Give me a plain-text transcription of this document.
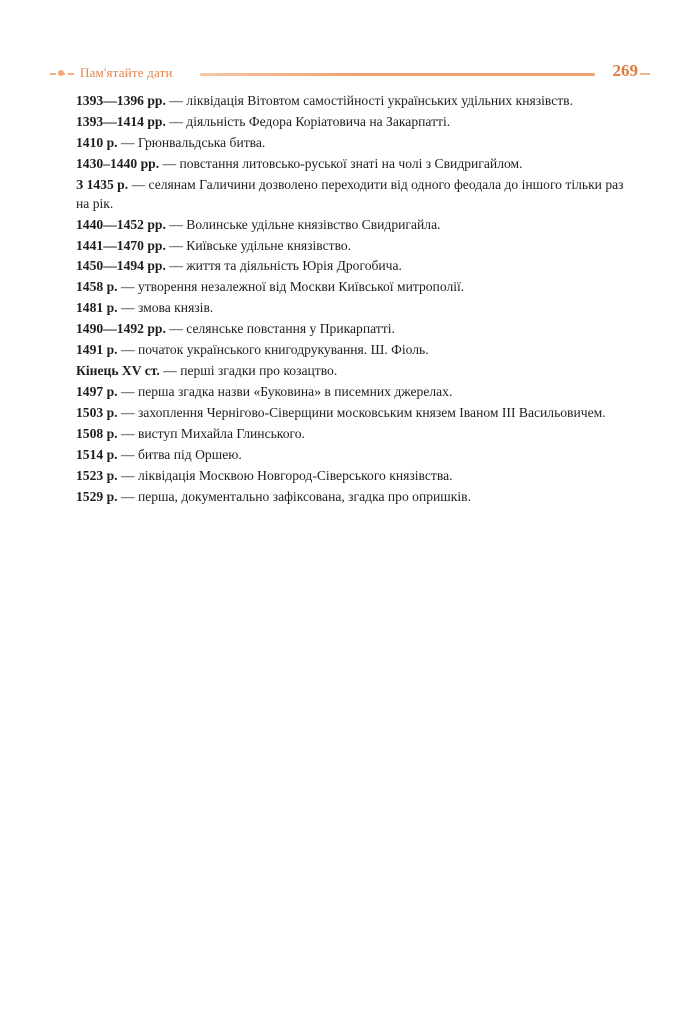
Пам'ятайте дати	269
1393—1396 рр. — ліквідація Вітовтом самостійності українських удільних князівств.
1393—1414 рр. — діяльність Федора Коріатовича на Закарпатті.
1410 р. — Грюнвальдська битва.
1430–1440 рр. — повстання литовсько-руської знаті на чолі з Свидригайлом.
З 1435 р. — селянам Галичини дозволено переходити від одного феодала до іншого тільки раз на рік.
1440—1452 рр. — Волинське удільне князівство Свидригайла.
1441—1470 рр. — Київське удільне князівство.
1450—1494 рр. — життя та діяльність Юрія Дрогобича.
1458 р. — утворення незалежної від Москви Київської митрополії.
1481 р. — змова князів.
1490—1492 рр. — селянське повстання у Прикарпатті.
1491 р. — початок українського книгодрукування. Ш. Фіоль.
Кінець XV ст. — перші згадки про козацтво.
1497 р. — перша згадка назви «Буковина» в писемних джерелах.
1503 р. — захоплення Чернігово-Сіверщини московським князем Іваном III Васильовичем.
1508 р. — виступ Михайла Глинського.
1514 р. — битва під Оршею.
1523 р. — ліквідація Москвою Новгород-Сіверського князівства.
1529 р. — перша, документально зафіксована, згадка про опришків.
